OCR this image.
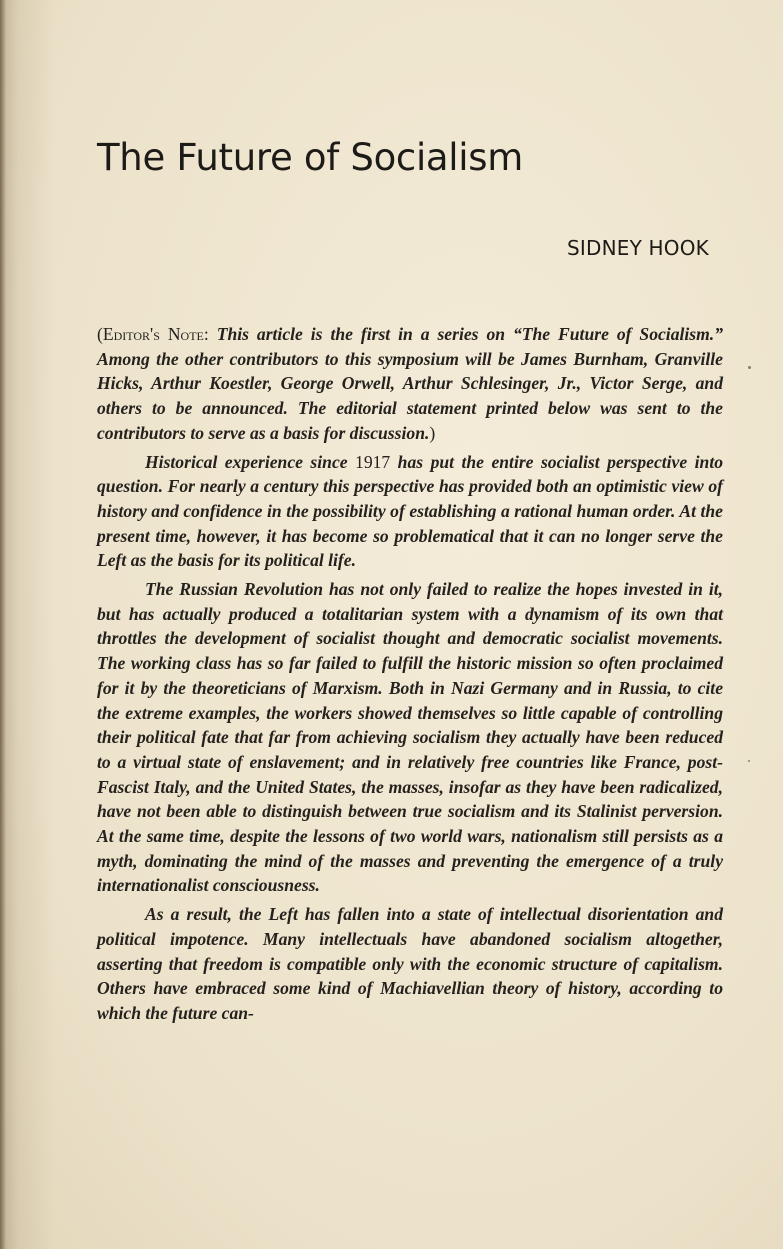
The Future of Socialism
SIDNEY HOOK

(Editor's Note: This article is the first in a series on “The Future of Socialism.” Among the other contributors to this symposium will be James Burnham, Granville Hicks, Arthur Koestler, George Orwell, Arthur Schlesinger, Jr., Victor Serge, and others to be announced. The editorial statement printed below was sent to the contributors to serve as a basis for discussion.)

Historical experience since 1917 has put the entire socialist perspective into question. For nearly a century this perspective has provided both an optimistic view of history and confidence in the possibility of establishing a rational human order. At the present time, however, it has become so problematical that it can no longer serve the Left as the basis for its political life.

The Russian Revolution has not only failed to realize the hopes invested in it, but has actually produced a totalitarian system with a dynamism of its own that throttles the development of socialist thought and democratic socialist movements. The working class has so far failed to fulfill the historic mission so often proclaimed for it by the theoreticians of Marxism. Both in Nazi Germany and in Russia, to cite the extreme examples, the workers showed themselves so little capable of controlling their political fate that far from achieving socialism they actually have been reduced to a virtual state of enslavement; and in relatively free countries like France, post-Fascist Italy, and the United States, the masses, insofar as they have been radicalized, have not been able to distinguish between true socialism and its Stalinist perversion. At the same time, despite the lessons of two world wars, nationalism still persists as a myth, dominating the mind of the masses and preventing the emergence of a truly internationalist consciousness.

As a result, the Left has fallen into a state of intellectual disorientation and political impotence. Many intellectuals have abandoned socialism altogether, asserting that freedom is compatible only with the economic structure of capitalism. Others have embraced some kind of Machiavellian theory of history, according to which the future can-
